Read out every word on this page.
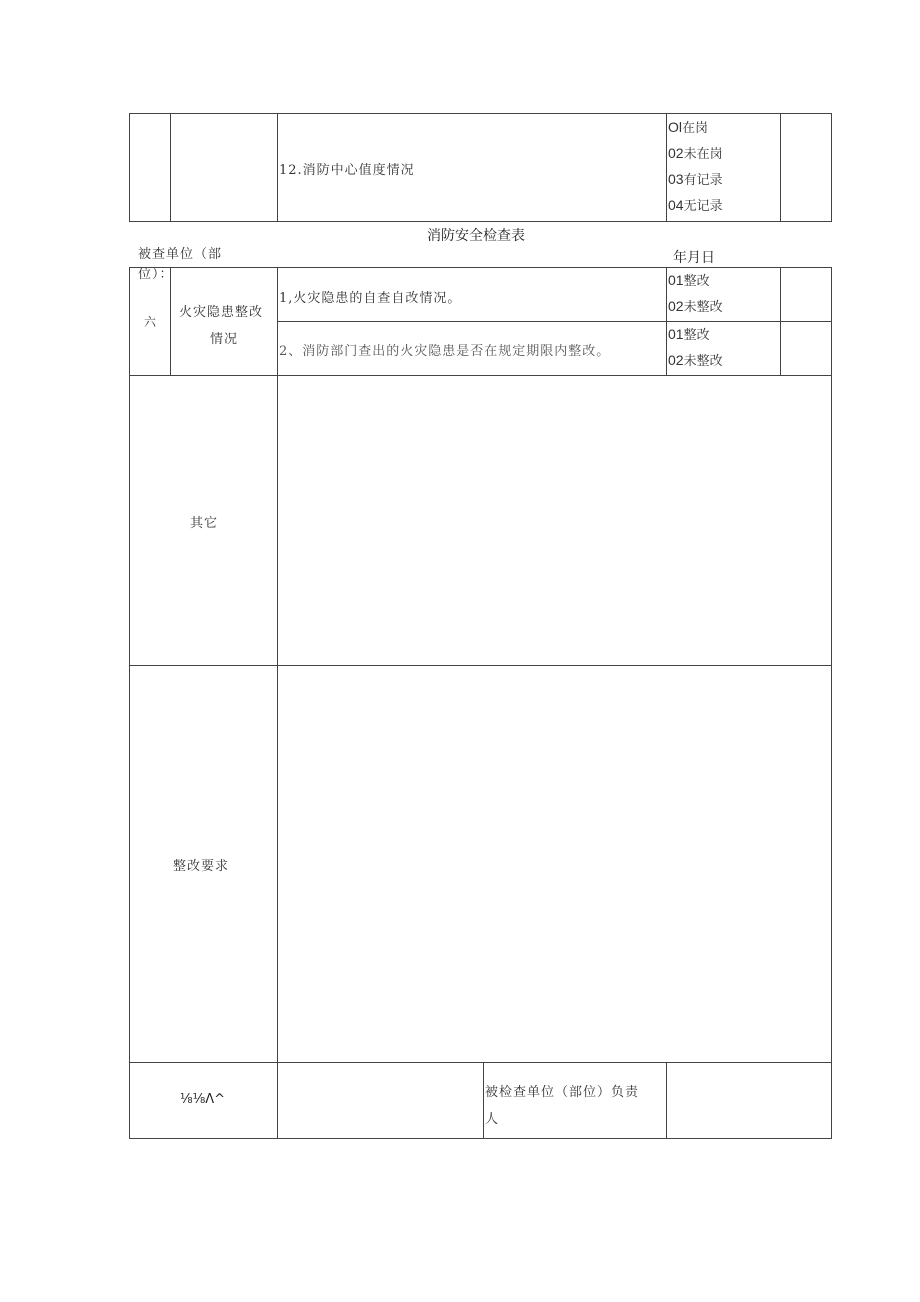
12.消防中心值度情况
Ol在岗
02未在岗
03有记录
04无记录
消防安全检查表
被查单位（部
位）：
年月日
六
火灾隐患整改
情况
1,火灾隐患的自查自改情况。
01整改
02未整改
2、消防部门查出的火灾隐患是否在规定期限内整改。
01整改
02未整改
其它
整改要求
⅛⅛Λ^	被检查单位（部位）负责
人
